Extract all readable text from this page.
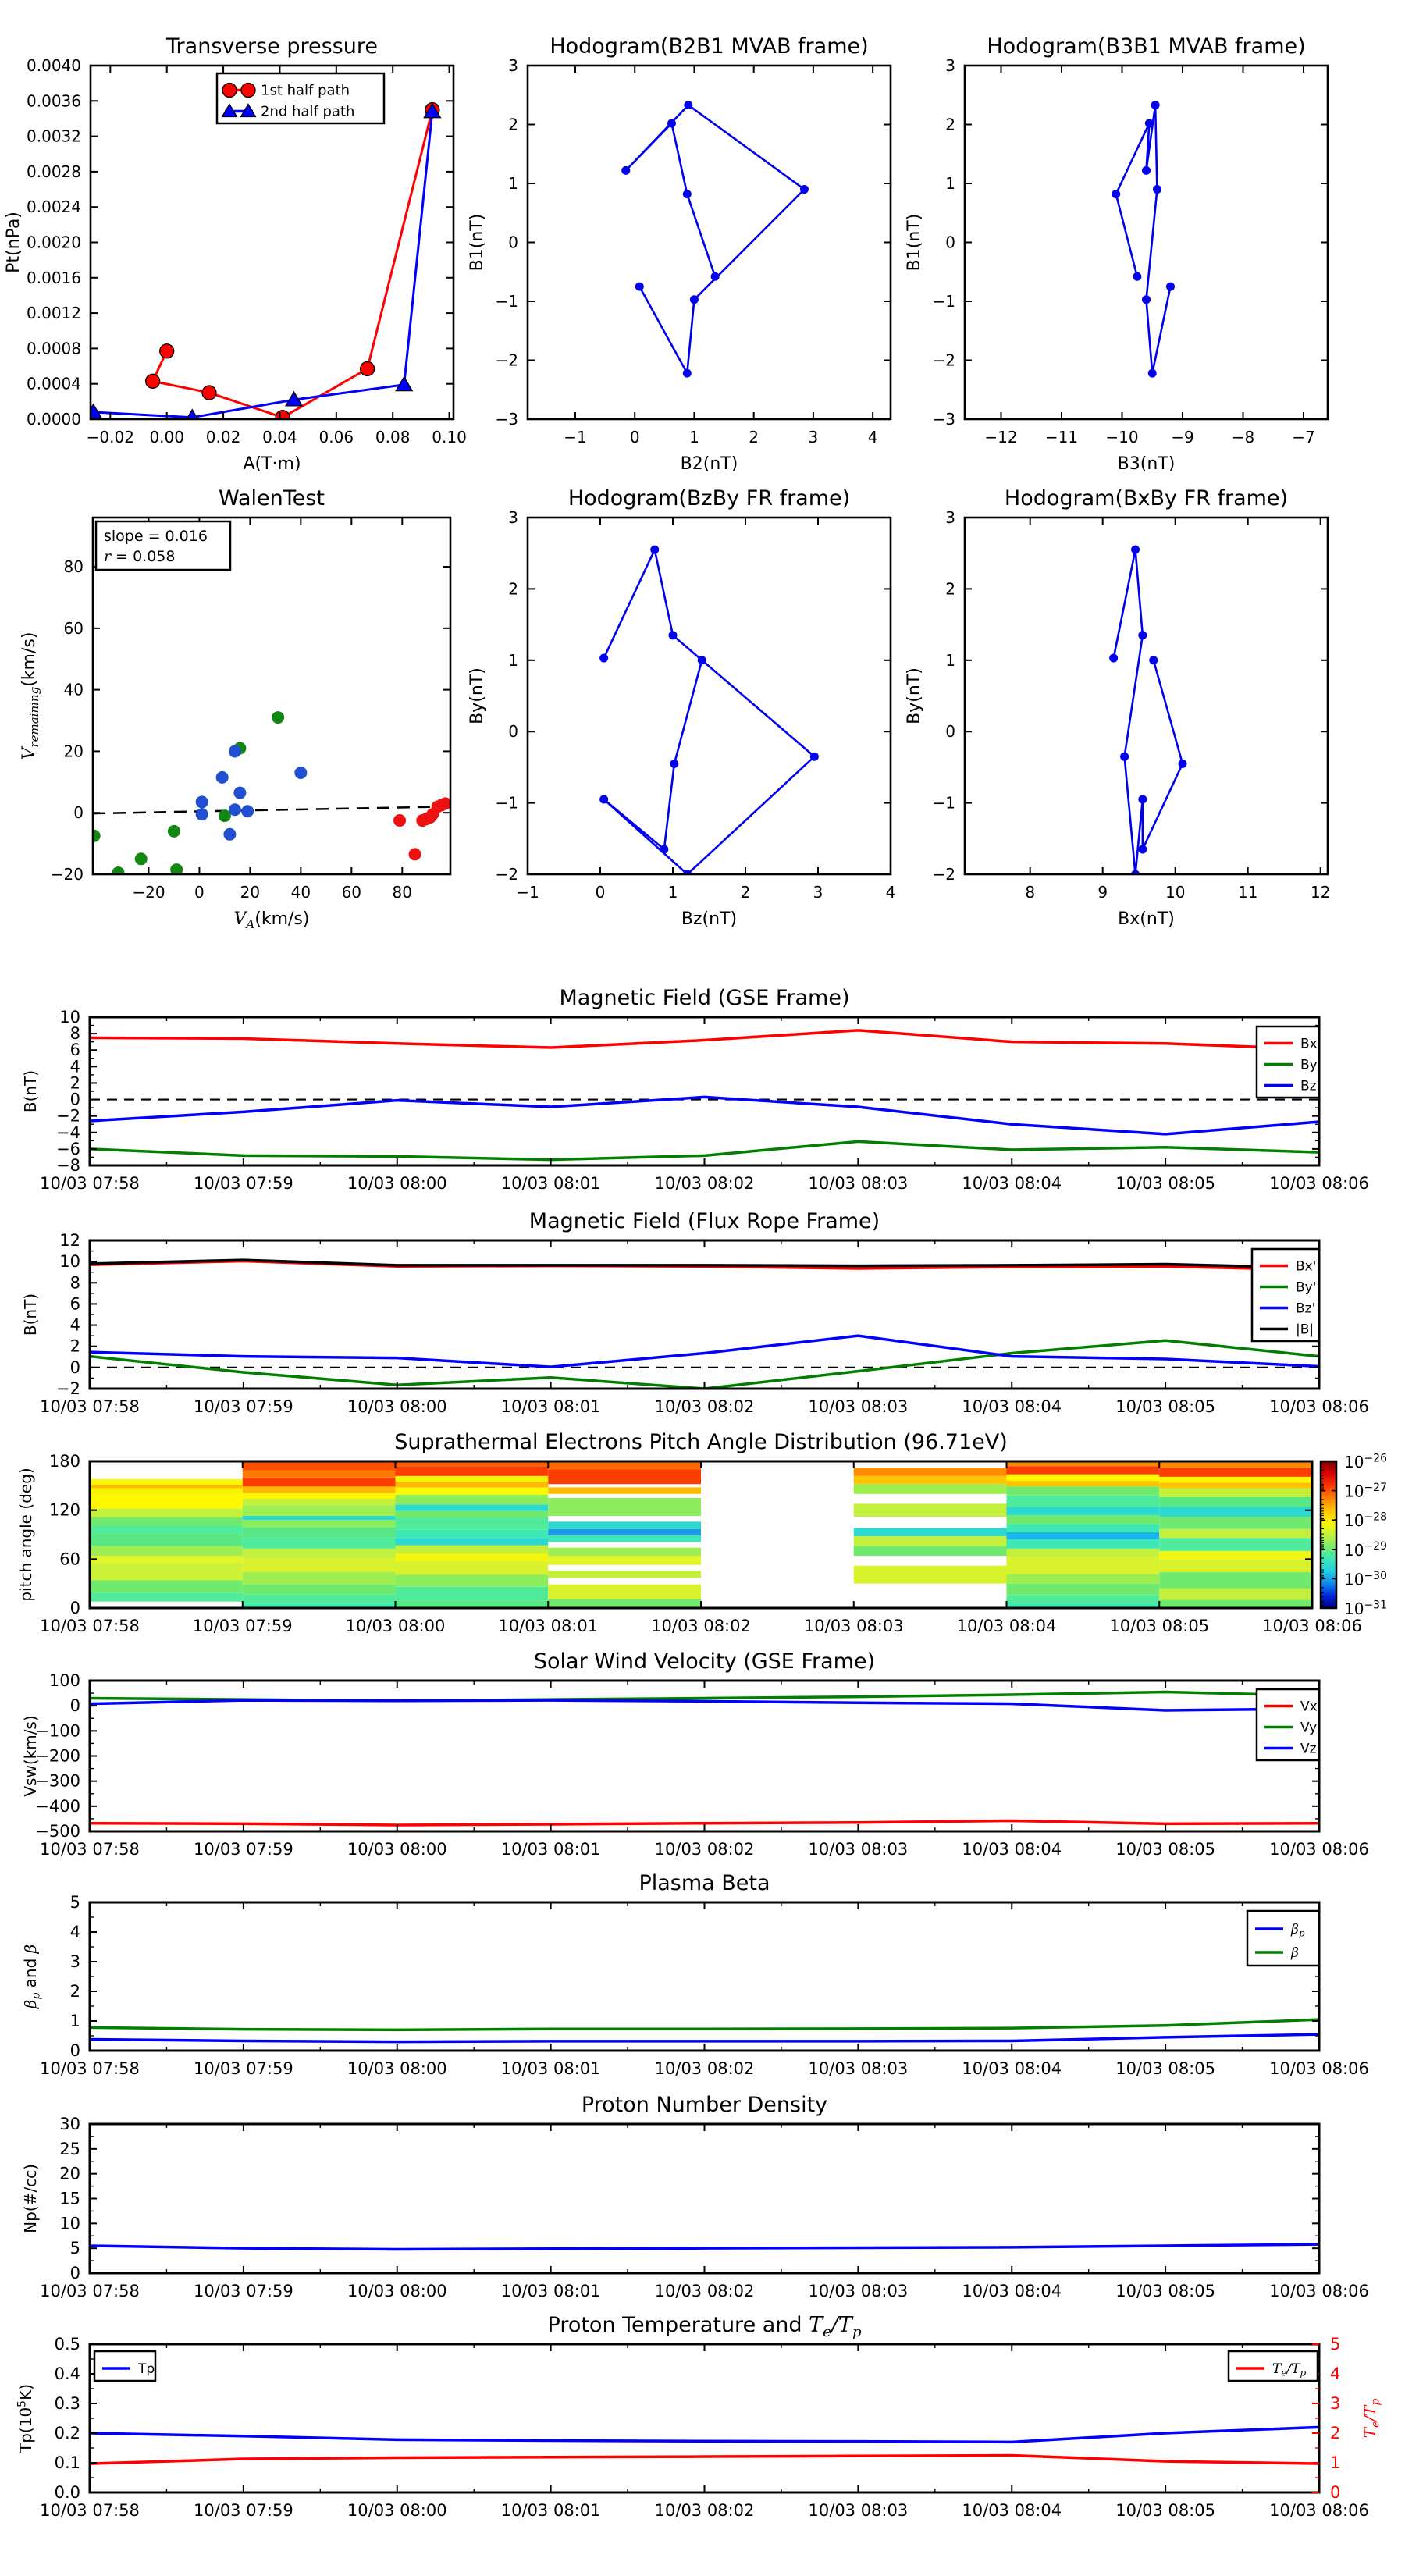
−0.02 0.00 0.02 0.04 0.06 0.08 0.10
0.0000
0.0004
0.0008
0.0012
0.0016
0.0020
0.0024
0.0028
0.0032
0.0036
0.0040
Transverse pressure
A(T·m)
Pt(nPa)
1st half path
2nd half path
−1	0	1	2	3	4
−3
−2
−1
0
1
2
3
Hodogram(B2B1 MVAB frame)
B2(nT)
B1(nT)
−12 −11 −10 −9 −8 −7
−3
−2
−1
0
1
2
3
Hodogram(B3B1 MVAB frame)
B3(nT)
B1(nT)
−20 0 20 40 60 80
−20
0
20
40
60
80
WalenTest
$V_A(km/s)$
$V_{remaining}(km/s)$
slope = 0.016
r = 0.058
−1	0	1	2	3	4
−2
−1
0
1
2
3
Hodogram(BzBy FR frame)
Bz(nT)
By(nT)
8	9	10	11	12
−2
−1
0
1
2
3
Hodogram(BxBy FR frame)
Bx(nT)
By(nT)
10/03 07:58	10/03 07:59	10/03 08:00	10/03 08:01	10/03 08:02	10/03 08:03	10/03 08:04	10/03 08:05	10/03 08:06
−8
−6
−4
−2
0
2
4
6
8
10
Magnetic Field (GSE Frame)
B(nT)
Bx
By
Bz
10/03 07:58	10/03 07:59	10/03 08:00	10/03 08:01	10/03 08:02	10/03 08:03	10/03 08:04	10/03 08:05	10/03 08:06
−2
0
2
4
6
8
10
12
Magnetic Field (Flux Rope Frame)
B(nT)
Bx'
By'
Bz'
|B|
10/03 07:58	10/03 07:59	10/03 08:00	10/03 08:01	10/03 08:02	10/03 08:03	10/03 08:04	10/03 08:05	10/03 08:06
0
60
120
180
Suprathermal Electrons Pitch Angle Distribution (96.71eV)
pitch angle (deg)
$10^{-26}$
$10^{-27}$
$10^{-28}$
$10^{-29}$
$10^{-30}$
$10^{-31}$
10/03 07:58	10/03 07:59	10/03 08:00	10/03 08:01	10/03 08:02	10/03 08:03	10/03 08:04	10/03 08:05	10/03 08:06
−500
−400
−300
−200
−100
0
100
Solar Wind Velocity (GSE Frame)
Vsw(km/s)
Vx
Vy
Vz
10/03 07:58	10/03 07:59	10/03 08:00	10/03 08:01	10/03 08:02	10/03 08:03	10/03 08:04	10/03 08:05	10/03 08:06
0
1
2
3
4
5
Plasma Beta
$\beta_p$ and β
$\beta_p$
β
10/03 07:58	10/03 07:59	10/03 08:00	10/03 08:01	10/03 08:02	10/03 08:03	10/03 08:04	10/03 08:05	10/03 08:06
0
5
10
15
20
25
30
Proton Number Density
Np(#/cc)
10/03 07:58	10/03 07:59	10/03 08:00	10/03 08:01	10/03 08:02	10/03 08:03	10/03 08:04	10/03 08:05	10/03 08:06
0.0
0.1
0.2
0.3
0.4
0.5
0
1
2
3
4
5
$T_e/T_p$
Proton Temperature and $T_e/T_p$
$Tp(10^5K)$
Tp	$T_e/T_p$
